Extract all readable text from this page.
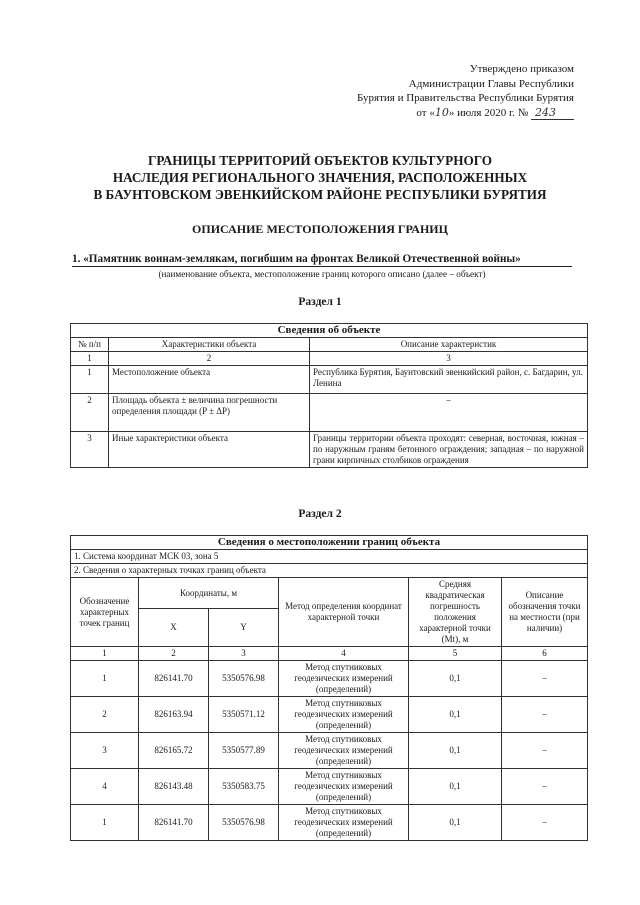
Утверждено приказом
Администрации Главы Республики
Бурятия и Правительства Республики Бурятия
от «10» июля 2020 г. № 243
ГРАНИЦЫ ТЕРРИТОРИЙ ОБЪЕКТОВ КУЛЬТУРНОГО
НАСЛЕДИЯ РЕГИОНАЛЬНОГО ЗНАЧЕНИЯ, РАСПОЛОЖЕННЫХ
В БАУНТОВСКОМ ЭВЕНКИЙСКОМ РАЙОНЕ РЕСПУБЛИКИ БУРЯТИЯ
ОПИСАНИЕ МЕСТОПОЛОЖЕНИЯ ГРАНИЦ
1. «Памятник воинам-землякам, погибшим на фронтах Великой Отечественной войны»
(наименование объекта, местоположение границ которого описано (далее – объект)
Раздел 1
Сведения об объекте		
№ п/п	Характеристики объекта	Описание характеристик
1	2	3
1	Местоположение объекта	Республика Бурятия, Баунтовский эвенкийский район, с. Багдарин, ул. Ленина
2	Площадь объекта ± величина погрешности определения площади (P ± ΔP)	–
3	Иные характеристики объекта	Границы территории объекта проходят: северная, восточная, южная – по наружным граням бетонного ограждения; западная – по наружной грани кирпичных столбиков ограждения
Раздел 2
Сведения о местоположении границ объекта					
1. Система координат МСК 03, зона 5					
2. Сведения о характерных точках границ объекта					
Обозначение характерных точек границ	Координаты, м		Метод определения координат характерной точки	Средняя квадратическая погрешность положения характерной точки (Mt), м	Описание обозначения точки на местности (при наличии)
	X	Y			
1	2	3	4	5	6
1	826141.70	5350576.98	Метод спутниковых геодезических измерений (определений)	0,1	–
2	826163.94	5350571.12	Метод спутниковых геодезических измерений (определений)	0,1	–
3	826165.72	5350577.89	Метод спутниковых геодезических измерений (определений)	0,1	–
4	826143.48	5350583.75	Метод спутниковых геодезических измерений (определений)	0,1	–
1	826141.70	5350576.98	Метод спутниковых геодезических измерений (определений)	0,1	–
